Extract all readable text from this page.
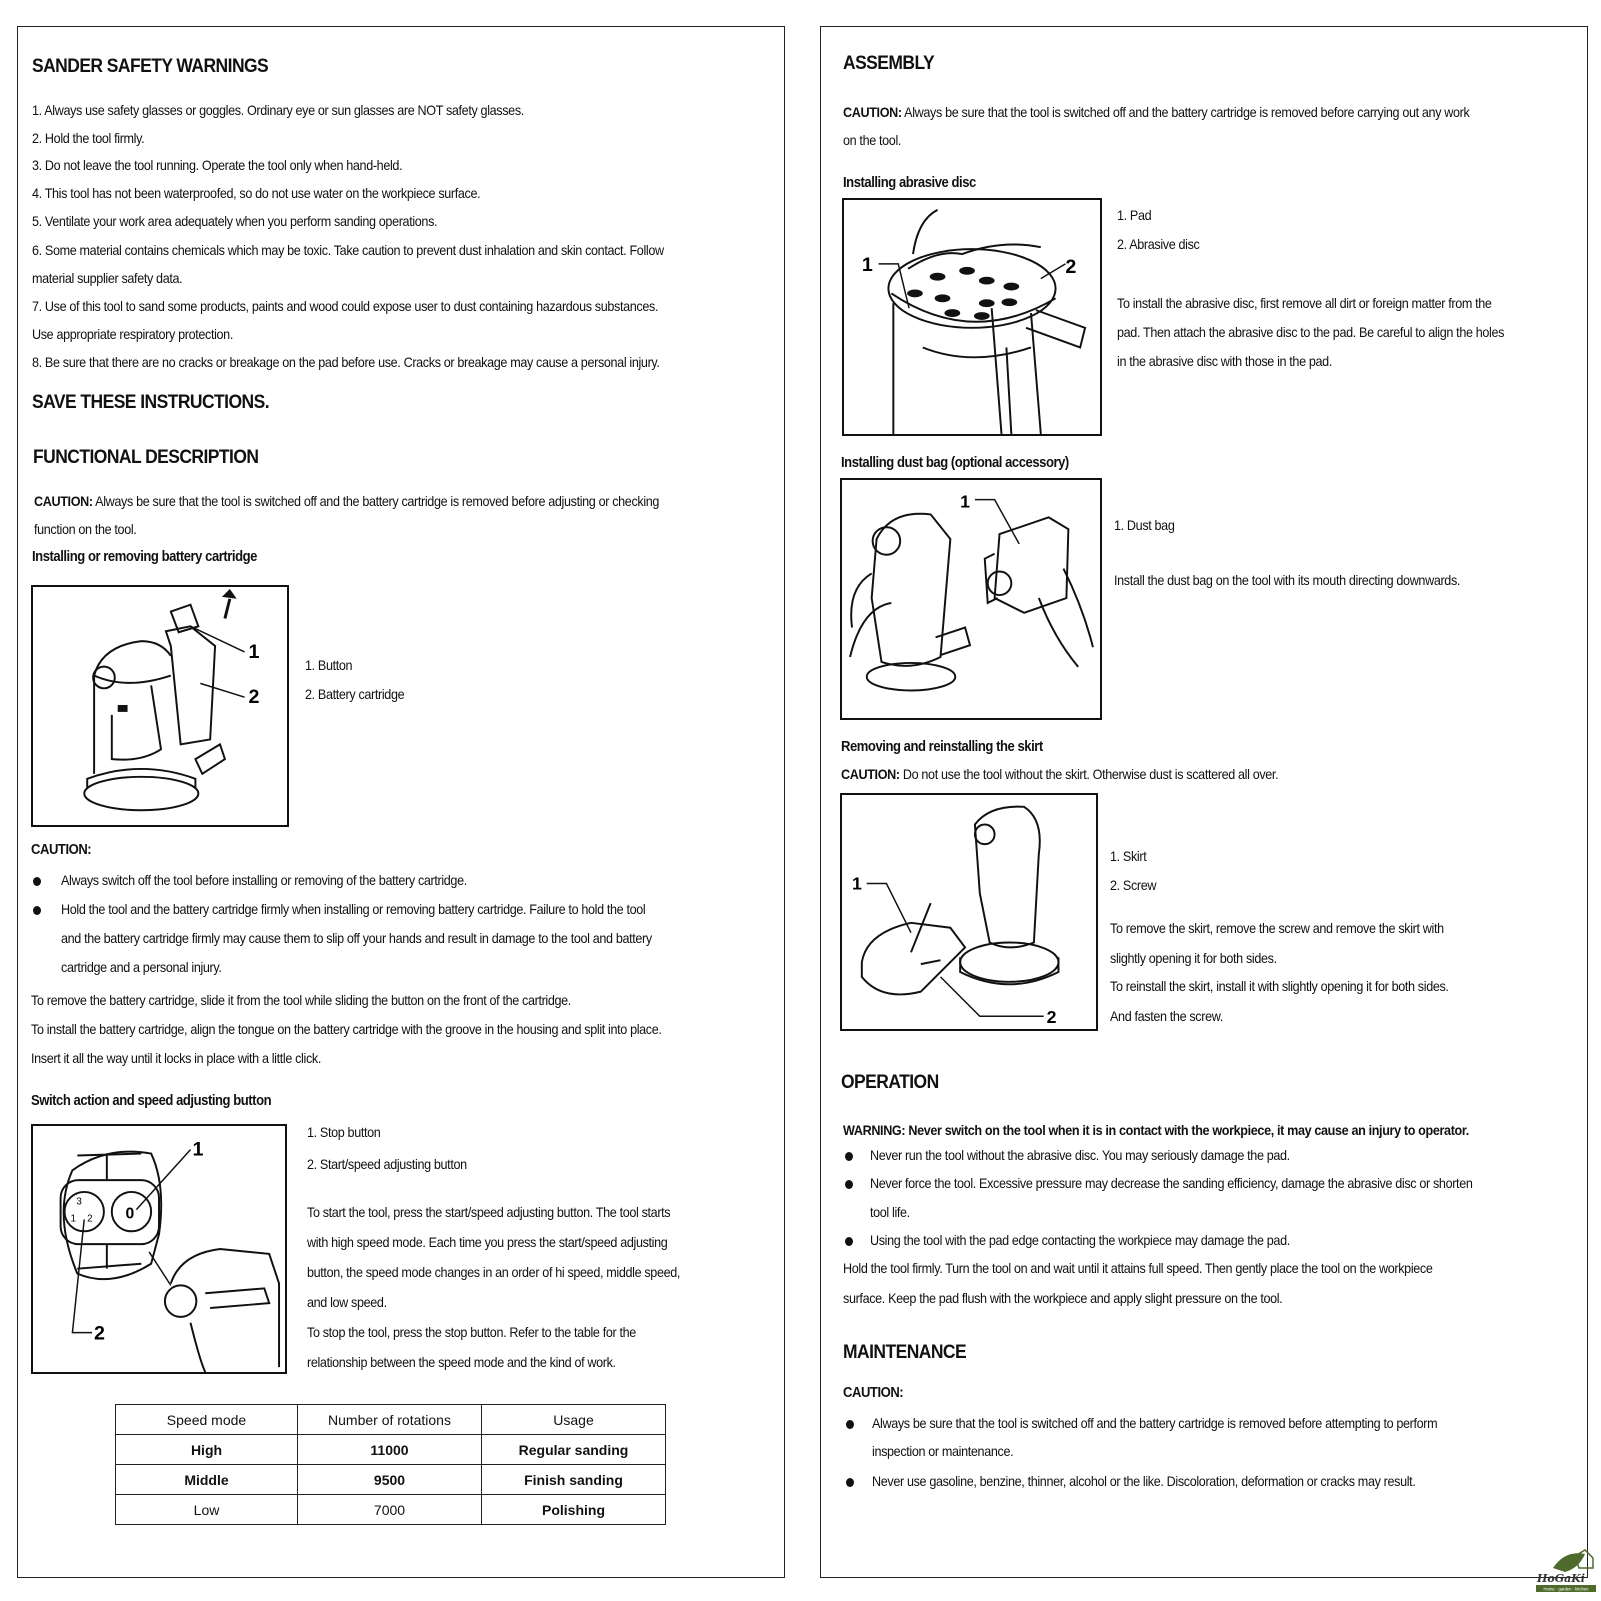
SANDER SAFETY WARNINGS
1. Always use safety glasses or goggles. Ordinary eye or sun glasses are NOT safety glasses.
2. Hold the tool firmly.
3. Do not leave the tool running. Operate the tool only when hand-held.
4. This tool has not been waterproofed, so do not use water on the workpiece surface.
5. Ventilate your work area adequately when you perform sanding operations.
6. Some material contains chemicals which may be toxic. Take caution to prevent dust inhalation and skin contact. Follow
material supplier safety data.
7. Use of this tool to sand some products, paints and wood could expose user to dust containing hazardous substances.
Use appropriate respiratory protection.
8. Be sure that there are no cracks or breakage on the pad before use. Cracks or breakage may cause a personal injury.
SAVE THESE INSTRUCTIONS.
FUNCTIONAL DESCRIPTION
CAUTION: Always be sure that the tool is switched off and the battery cartridge is removed before adjusting or checking
function on the tool.
Installing or removing battery cartridge
1
2
1. Button
2. Battery cartridge
CAUTION:
Always switch off the tool before installing or removing of the battery cartridge.
Hold the tool and the battery cartridge firmly when installing or removing battery cartridge. Failure to hold the tool
and the battery cartridge firmly may cause them to slip off your hands and result in damage to the tool and battery
cartridge and a personal injury.
To remove the battery cartridge, slide it from the tool while sliding the button on the front of the cartridge.
To install the battery cartridge, align the tongue on the battery cartridge with the groove in the housing and split into place.
Insert it all the way until it locks in place with a little click.
Switch action and speed adjusting button
3
1 2 0
1
2
1. Stop button
2. Start/speed adjusting button
To start the tool, press the start/speed adjusting button. The tool starts
with high speed mode. Each time you press the start/speed adjusting
button, the speed mode changes in an order of hi speed, middle speed,
and low speed.
To stop the tool, press the stop button. Refer to the table for the
relationship between the speed mode and the kind of work.
Speed mode	Number of rotations	Usage
High	11000	Regular sanding
Middle	9500	Finish sanding
Low	7000	Polishing
ASSEMBLY
CAUTION: Always be sure that the tool is switched off and the battery cartridge is removed before carrying out any work
on the tool.
Installing abrasive disc
1	2
1. Pad
2. Abrasive disc
To install the abrasive disc, first remove all dirt or foreign matter from the
pad. Then attach the abrasive disc to the pad. Be careful to align the holes
in the abrasive disc with those in the pad.
Installing dust bag (optional accessory)
1
1. Dust bag
Install the dust bag on the tool with its mouth directing downwards.
Removing and reinstalling the skirt
CAUTION: Do not use the tool without the skirt. Otherwise dust is scattered all over.
1
2
1. Skirt
2. Screw
To remove the skirt, remove the screw and remove the skirt with
slightly opening it for both sides.
To reinstall the skirt, install it with slightly opening it for both sides.
And fasten the screw.
OPERATION
WARNING: Never switch on the tool when it is in contact with the workpiece, it may cause an injury to operator.
Never run the tool without the abrasive disc. You may seriously damage the pad.
Never force the tool. Excessive pressure may decrease the sanding efficiency, damage the abrasive disc or shorten
tool life.
Using the tool with the pad edge contacting the workpiece may damage the pad.
Hold the tool firmly. Turn the tool on and wait until it attains full speed. Then gently place the tool on the workpiece
surface. Keep the pad flush with the workpiece and apply slight pressure on the tool.
MAINTENANCE
CAUTION:
Always be sure that the tool is switched off and the battery cartridge is removed before attempting to perform
inspection or maintenance.
Never use gasoline, benzine, thinner, alcohol or the like. Discoloration, deformation or cracks may result.
HoGaKi
Home · garden · kitchen
